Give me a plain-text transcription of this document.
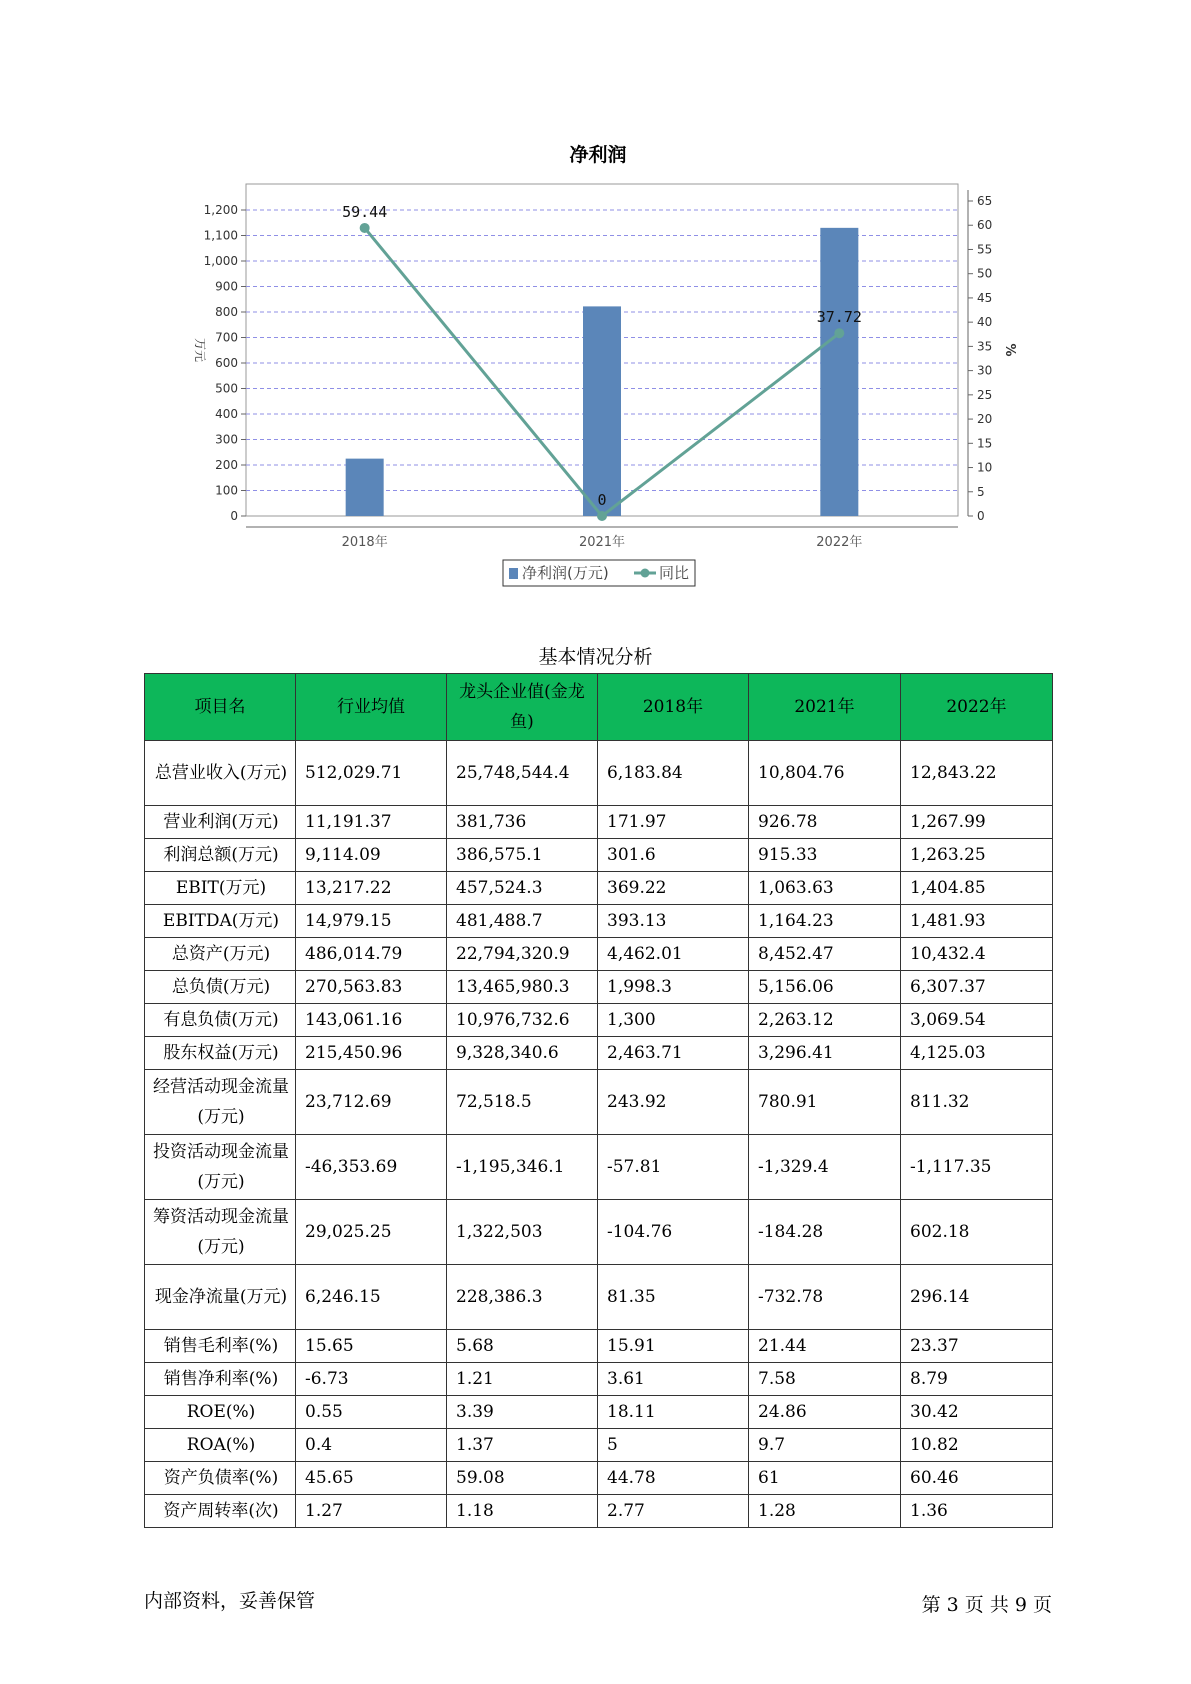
净利润
0
100
200
300
400
500
600
700
800
900
1,000
1,100
1,200
0
5
10
15
20
25
30
35
40
45
50
55
60
65
万元	%
2018年	2021年	2022年
59.44
0
37.72
净利润(万元)	同比
基本情况分析
项目名	行业均值	龙头企业值(金龙鱼)	2018年	2021年	2022年
总营业收入(万元)	512,029.71	25,748,544.4	6,183.84	10,804.76	12,843.22
营业利润(万元)	11,191.37	381,736	171.97	926.78	1,267.99
利润总额(万元)	9,114.09	386,575.1	301.6	915.33	1,263.25
EBIT(万元)	13,217.22	457,524.3	369.22	1,063.63	1,404.85
EBITDA(万元)	14,979.15	481,488.7	393.13	1,164.23	1,481.93
总资产(万元)	486,014.79	22,794,320.9	4,462.01	8,452.47	10,432.4
总负债(万元)	270,563.83	13,465,980.3	1,998.3	5,156.06	6,307.37
有息负债(万元)	143,061.16	10,976,732.6	1,300	2,263.12	3,069.54
股东权益(万元)	215,450.96	9,328,340.6	2,463.71	3,296.41	4,125.03
经营活动现金流量(万元)	23,712.69	72,518.5	243.92	780.91	811.32
投资活动现金流量(万元)	-46,353.69	-1,195,346.1	-57.81	-1,329.4	-1,117.35
筹资活动现金流量(万元)	29,025.25	1,322,503	-104.76	-184.28	602.18
现金净流量(万元)	6,246.15	228,386.3	81.35	-732.78	296.14
销售毛利率(%)	15.65	5.68	15.91	21.44	23.37
销售净利率(%)	-6.73	1.21	3.61	7.58	8.79
ROE(%)	0.55	3.39	18.11	24.86	30.42
ROA(%)	0.4	1.37	5	9.7	10.82
资产负债率(%)	45.65	59.08	44.78	61	60.46
资产周转率(次)	1.27	1.18	2.77	1.28	1.36
内部资料，妥善保管	第 3 页 共 9 页
